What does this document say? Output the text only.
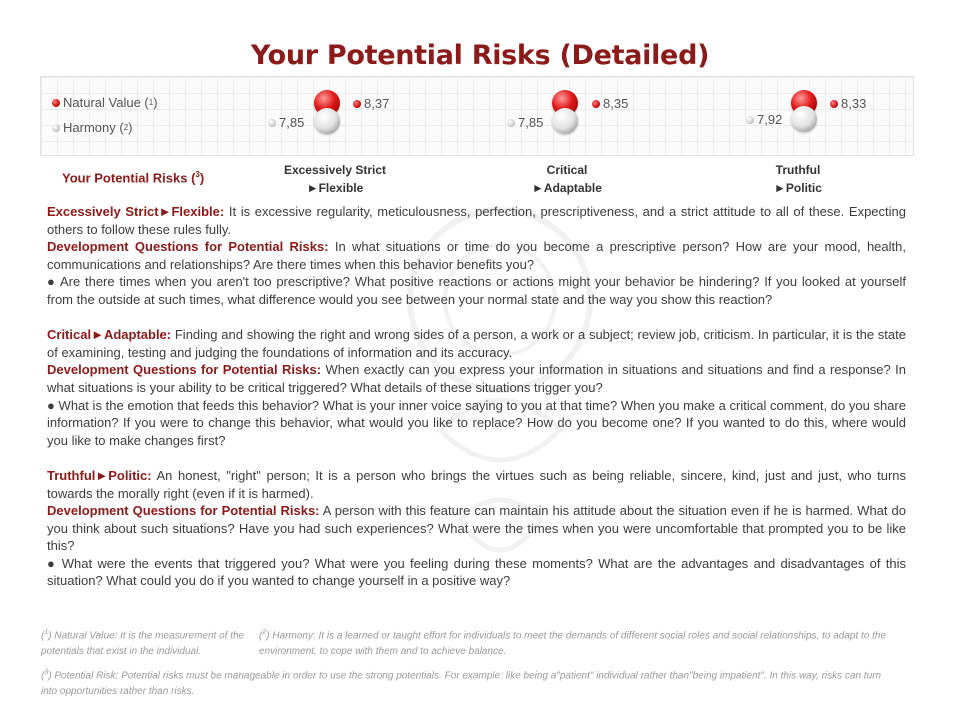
Your Potential Risks (Detailed)
Natural Value ( 1 )
Harmony ( 2 )
8,37
7,85
8,35
7,85
8,33
7,92
Your Potential Risks ($^3$)
Excessively Strict
►Flexible
Critical
►Adaptable
Truthful
►Politic

Excessively Strict►Flexible: It is excessive regularity, meticulousness, perfection, prescriptiveness, and a strict attitude to all of these. Expecting others to follow these rules fully.

Development Questions for Potential Risks: In what situations or time do you become a prescriptive person? How are your mood, health, communications and relationships? Are there times when this behavior benefits you?

● Are there times when you aren't too prescriptive? What positive reactions or actions might your behavior be hindering? If you looked at yourself from the outside at such times, what difference would you see between your normal state and the way you show this reaction?

Critical►Adaptable: Finding and showing the right and wrong sides of a person, a work or a subject; review job, criticism. In particular, it is the state of examining, testing and judging the foundations of information and its accuracy.

Development Questions for Potential Risks: When exactly can you express your information in situations and situations and find a response? In what situations is your ability to be critical triggered? What details of these situations trigger you?

● What is the emotion that feeds this behavior? What is your inner voice saying to you at that time? When you make a critical comment, do you share information? If you were to change this behavior, what would you like to replace? How do you become one? If you wanted to do this, where would you like to make changes first?

Truthful►Politic: An honest, "right" person; It is a person who brings the virtues such as being reliable, sincere, kind, just and just, who turns towards the morally right (even if it is harmed).

Development Questions for Potential Risks: A person with this feature can maintain his attitude about the situation even if he is harmed. What do you think about such situations? Have you had such experiences? What were the times when you were uncomfortable that prompted you to be like this?

● What were the events that triggered you? What were you feeling during these moments? What are the advantages and disadvantages of this situation? What could you do if you wanted to change yourself in a positive way?

($^1$) Natural Value: It is the measurement of the potentials that exist in the individual.
($^2$) Harmony: It is a learned or taught effort for individuals to meet the demands of different social roles and social relationships, to adapt to the environment, to cope with them and to achieve balance.
($^3$) Potential Risk: Potential risks must be manageable in order to use the strong potentials. For example: like being a"patient" individual rather than"being impatient". In this way, risks can turn into opportunities rather than risks.
